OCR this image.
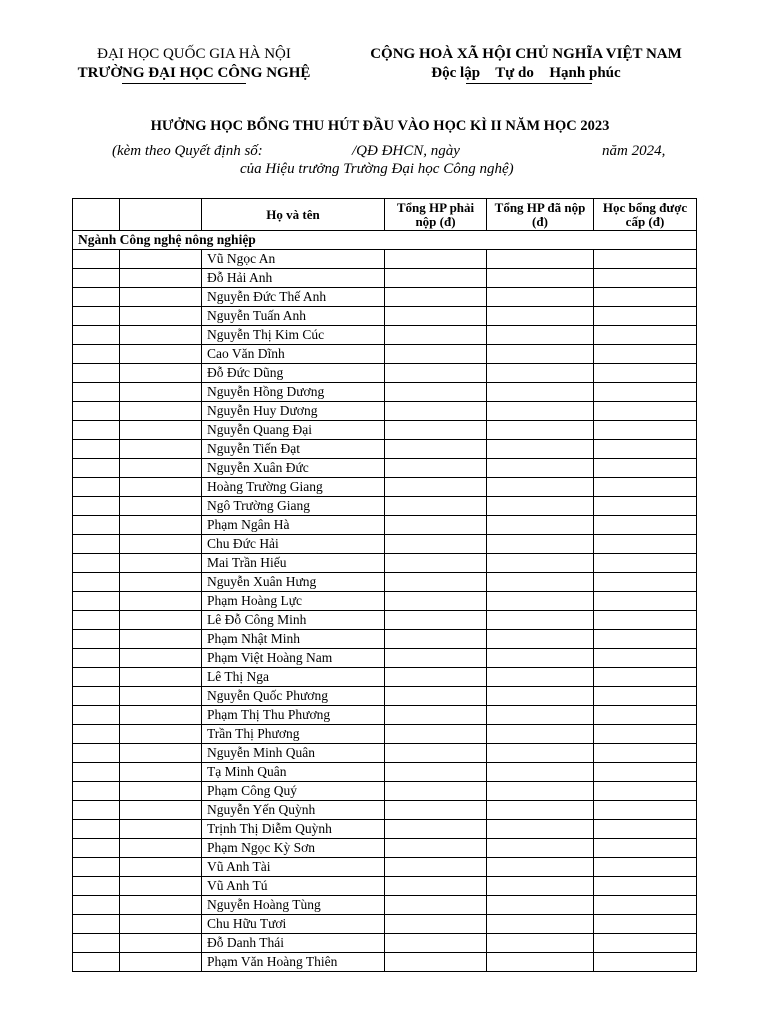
ĐẠI HỌC QUỐC GIA HÀ NỘI
TRƯỜNG ĐẠI HỌC CÔNG NGHỆ
CỘNG HOÀ XÃ HỘI CHỦ NGHĨA VIỆT NAM
Độc lập Tự do Hạnh phúc
HƯỞNG HỌC BỔNG THU HÚT ĐẦU VÀO HỌC KÌ II NĂM HỌC 2023
(kèm theo Quyết định số:	/QĐ ĐHCN, ngày	năm 2024,
của Hiệu trưởng Trường Đại học Công nghệ)
		Họ và tên	Tổng HP phải nộp (đ)	Tổng HP đã nộp (đ)	Học bổng được cấp (đ)
Ngành Công nghệ nông nghiệp					
		Vũ Ngọc An			
		Đỗ Hải Anh			
		Nguyễn Đức Thế Anh			
		Nguyễn Tuấn Anh			
		Nguyễn Thị Kim Cúc			
		Cao Văn Dĩnh			
		Đỗ Đức Dũng			
		Nguyễn Hồng Dương			
		Nguyễn Huy Dương			
		Nguyễn Quang Đại			
		Nguyễn Tiến Đạt			
		Nguyễn Xuân Đức			
		Hoàng Trường Giang			
		Ngô Trường Giang			
		Phạm Ngân Hà			
		Chu Đức Hải			
		Mai Trần Hiếu			
		Nguyễn Xuân Hưng			
		Phạm Hoàng Lực			
		Lê Đỗ Công Minh			
		Phạm Nhật Minh			
		Phạm Việt Hoàng Nam			
		Lê Thị Nga			
		Nguyễn Quốc Phương			
		Phạm Thị Thu Phương			
		Trần Thị Phương			
		Nguyễn Minh Quân			
		Tạ Minh Quân			
		Phạm Công Quý			
		Nguyễn Yến Quỳnh			
		Trịnh Thị Diễm Quỳnh			
		Phạm Ngọc Kỳ Sơn			
		Vũ Anh Tài			
		Vũ Anh Tú			
		Nguyễn Hoàng Tùng			
		Chu Hữu Tươi			
		Đỗ Danh Thái			
		Phạm Văn Hoàng Thiên			
